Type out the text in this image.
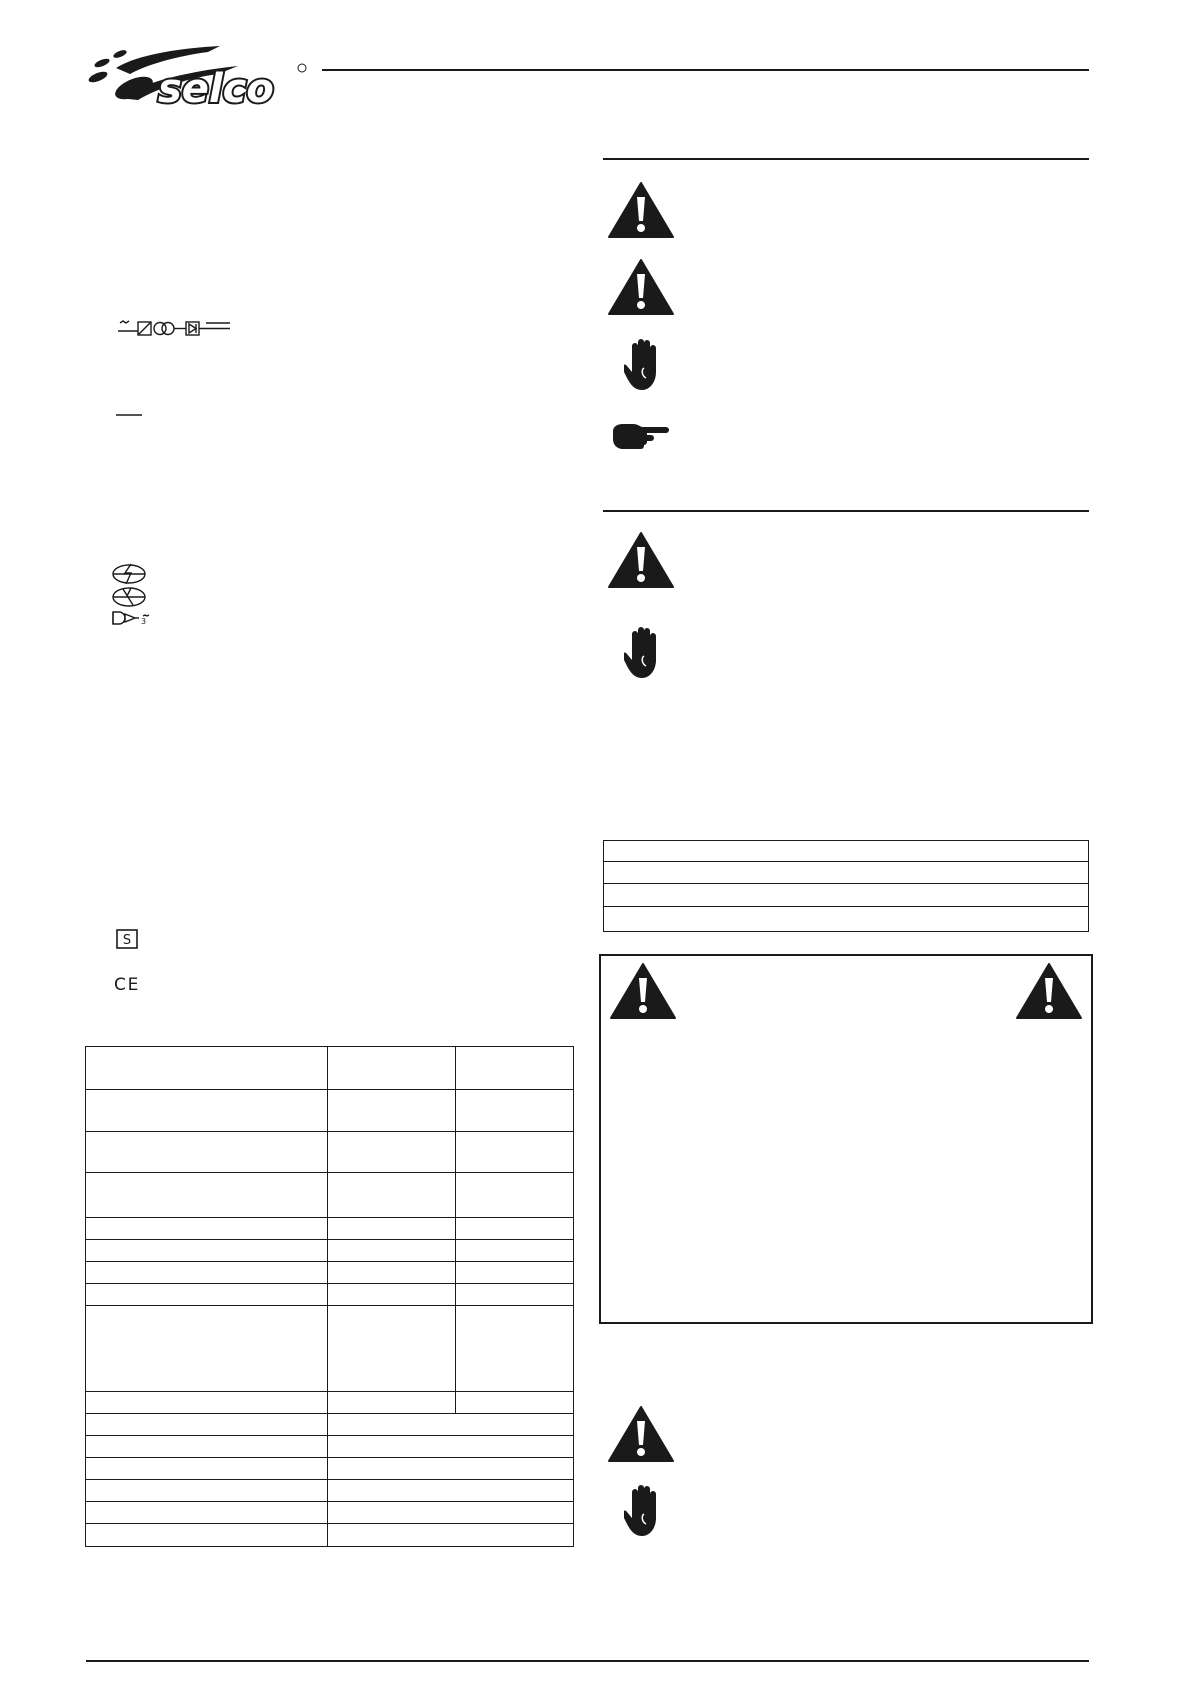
selco
3
S
C E
